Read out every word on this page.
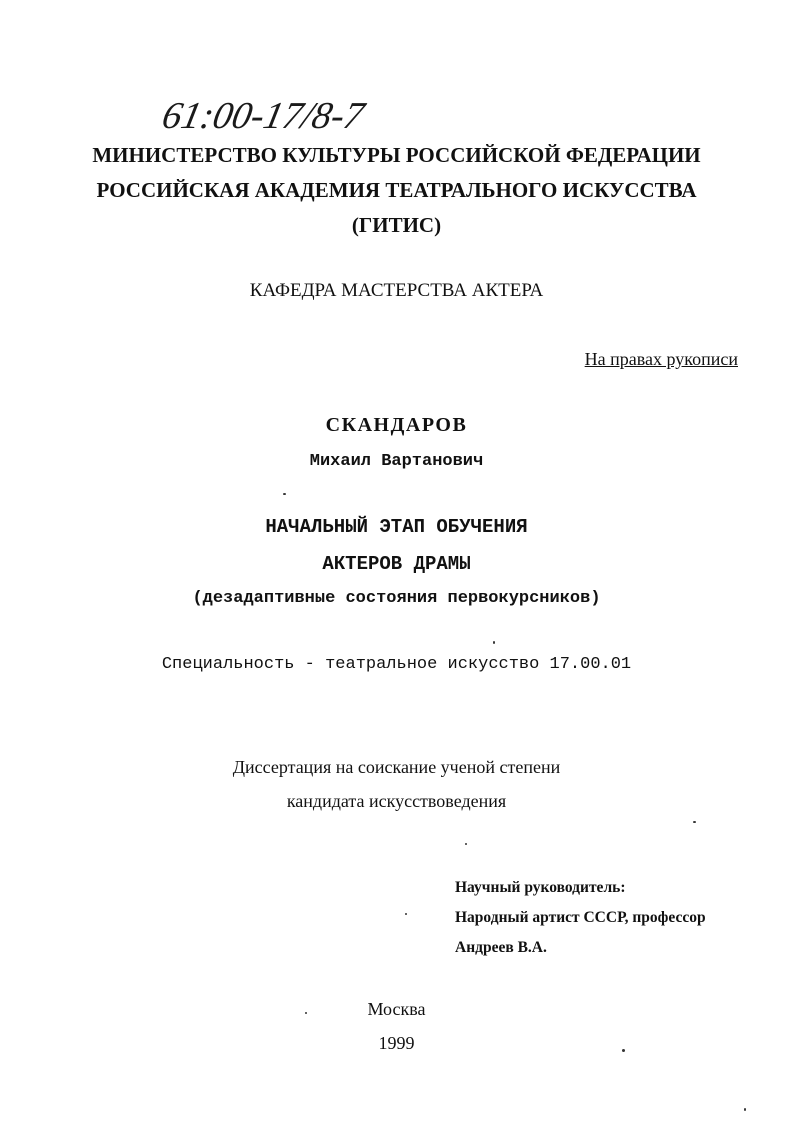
61:00-17/8-7
МИНИСТЕРСТВО КУЛЬТУРЫ РОССИЙСКОЙ ФЕДЕРАЦИИ
РОССИЙСКАЯ АКАДЕМИЯ ТЕАТРАЛЬНОГО ИСКУССТВА
(ГИТИС)
КАФЕДРА МАСТЕРСТВА АКТЕРА
На правах рукописи
СКАНДАРОВ
Михаил Вартанович
НАЧАЛЬНЫЙ ЭТАП ОБУЧЕНИЯ
АКТЕРОВ ДРАМЫ
(дезадаптивные состояния первокурсников)
Специальность - театральное искусство 17.00.01
Диссертация на соискание ученой степени
кандидата искусствоведения
Научный руководитель:
Народный артист СССР, профессор
Андреев В.А.
Москва
1999
